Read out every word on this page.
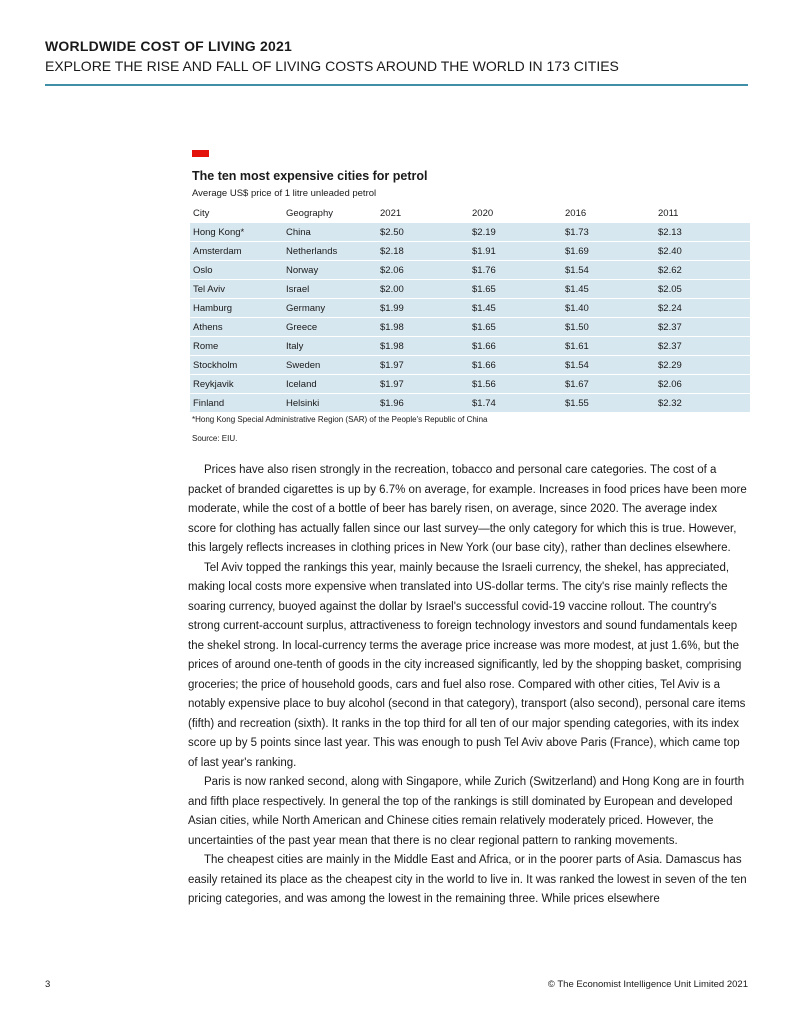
WORLDWIDE COST OF LIVING 2021
EXPLORE THE RISE AND FALL OF LIVING COSTS AROUND THE WORLD IN 173 CITIES
The ten most expensive cities for petrol
Average US$ price of 1 litre unleaded petrol
City	Geography	2021	2020	2016	2011
Hong Kong*	China	$2.50	$2.19	$1.73	$2.13
Amsterdam	Netherlands	$2.18	$1.91	$1.69	$2.40
Oslo	Norway	$2.06	$1.76	$1.54	$2.62
Tel Aviv	Israel	$2.00	$1.65	$1.45	$2.05
Hamburg	Germany	$1.99	$1.45	$1.40	$2.24
Athens	Greece	$1.98	$1.65	$1.50	$2.37
Rome	Italy	$1.98	$1.66	$1.61	$2.37
Stockholm	Sweden	$1.97	$1.66	$1.54	$2.29
Reykjavik	Iceland	$1.97	$1.56	$1.67	$2.06
Finland	Helsinki	$1.96	$1.74	$1.55	$2.32
*Hong Kong Special Administrative Region (SAR) of the People's Republic of China
Source: EIU.

Prices have also risen strongly in the recreation, tobacco and personal care categories. The cost of a packet of branded cigarettes is up by 6.7% on average, for example. Increases in food prices have been more moderate, while the cost of a bottle of beer has barely risen, on average, since 2020. The average index score for clothing has actually fallen since our last survey—the only category for which this is true. However, this largely reflects increases in clothing prices in New York (our base city), rather than declines elsewhere.

Tel Aviv topped the rankings this year, mainly because the Israeli currency, the shekel, has appreciated, making local costs more expensive when translated into US-dollar terms. The city's rise mainly reflects the soaring currency, buoyed against the dollar by Israel's successful covid-19 vaccine rollout. The country's strong current-account surplus, attractiveness to foreign technology investors and sound fundamentals keep the shekel strong. In local-currency terms the average price increase was more modest, at just 1.6%, but the prices of around one-tenth of goods in the city increased significantly, led by the shopping basket, comprising groceries; the price of household goods, cars and fuel also rose. Compared with other cities, Tel Aviv is a notably expensive place to buy alcohol (second in that category), transport (also second), personal care items (fifth) and recreation (sixth). It ranks in the top third for all ten of our major spending categories, with its index score up by 5 points since last year. This was enough to push Tel Aviv above Paris (France), which came top of last year's ranking.

Paris is now ranked second, along with Singapore, while Zurich (Switzerland) and Hong Kong are in fourth and fifth place respectively. In general the top of the rankings is still dominated by European and developed Asian cities, while North American and Chinese cities remain relatively moderately priced. However, the uncertainties of the past year mean that there is no clear regional pattern to ranking movements.

The cheapest cities are mainly in the Middle East and Africa, or in the poorer parts of Asia. Damascus has easily retained its place as the cheapest city in the world to live in. It was ranked the lowest in seven of the ten pricing categories, and was among the lowest in the remaining three. While prices elsewhere

3	© The Economist Intelligence Unit Limited 2021
